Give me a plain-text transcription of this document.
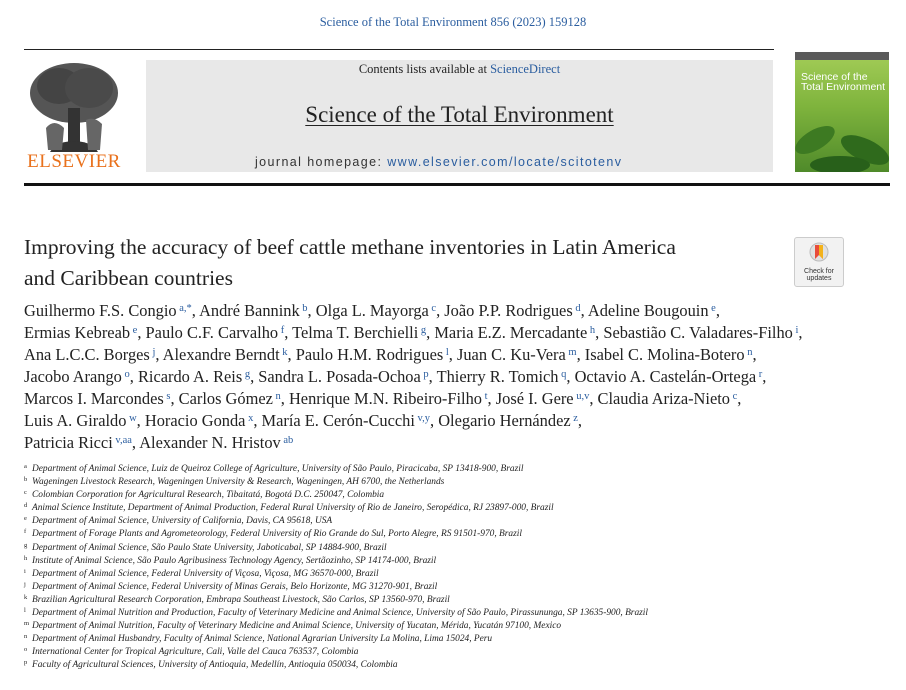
Science of the Total Environment 856 (2023) 159128
ELSEVIER
Contents lists available at ScienceDirect
Science of the Total Environment
journal homepage: www.elsevier.com/locate/scitotenv
Science of the Total Environment
Improving the accuracy of beef cattle methane inventories in Latin America
and Caribbean countries	Check for
updates
Guilhermo F.S. Congio $^{a,*}$, André Bannink $^b$, Olga L. Mayorga $^c$, João P.P. Rodrigues $^d$, Adeline Bougouin $^e$,
Ermias Kebreab $^e$, Paulo C.F. Carvalho $^f$, Telma T. Berchielli $^g$, Maria E.Z. Mercadante $^h$, Sebastião C. Valadares-Filho $^i$,
Ana L.C.C. Borges $^j$, Alexandre Berndt $^k$, Paulo H.M. Rodrigues $^l$, Juan C. Ku-Vera $^m$, Isabel C. Molina-Botero $^n$,
Jacobo Arango $^o$, Ricardo A. Reis $^g$, Sandra L. Posada-Ochoa $^p$, Thierry R. Tomich $^q$, Octavio A. Castelán-Ortega $^r$,
Marcos I. Marcondes $^s$, Carlos Gómez $^n$, Henrique M.N. Ribeiro-Filho $^t$, José I. Gere $^{u,v}$, Claudia Ariza-Nieto $^c$,
Luis A. Giraldo $^w$, Horacio Gonda $^x$, María E. Cerón-Cucchi $^{v,y}$, Olegario Hernández $^z$,
Patricia Ricci $^{v,aa}$, Alexander N. Hristov $^{ab}$
$^a$ Department of Animal Science, Luiz de Queiroz College of Agriculture, University of São Paulo, Piracicaba, SP 13418-900, Brazil
$^b$ Wageningen Livestock Research, Wageningen University & Research, Wageningen, AH 6700, the Netherlands
$^c$ Colombian Corporation for Agricultural Research, Tibaitatá, Bogotá D.C. 250047, Colombia
$^d$ Animal Science Institute, Department of Animal Production, Federal Rural University of Rio de Janeiro, Seropédica, RJ 23897-000, Brazil
$^e$ Department of Animal Science, University of California, Davis, CA 95618, USA
$^f$ Department of Forage Plants and Agrometeorology, Federal University of Rio Grande do Sul, Porto Alegre, RS 91501-970, Brazil
$^g$ Department of Animal Science, São Paulo State University, Jaboticabal, SP 14884-900, Brazil
$^h$ Institute of Animal Science, São Paulo Agribusiness Technology Agency, Sertãozinho, SP 14174-000, Brazil
$^i$ Department of Animal Science, Federal University of Viçosa, Viçosa, MG 36570-000, Brazil
$^j$ Department of Animal Science, Federal University of Minas Gerais, Belo Horizonte, MG 31270-901, Brazil
$^k$ Brazilian Agricultural Research Corporation, Embrapa Southeast Livestock, São Carlos, SP 13560-970, Brazil
$^l$ Department of Animal Nutrition and Production, Faculty of Veterinary Medicine and Animal Science, University of São Paulo, Pirassununga, SP 13635-900, Brazil
$^m$ Department of Animal Nutrition, Faculty of Veterinary Medicine and Animal Science, University of Yucatan, Mérida, Yucatán 97100, Mexico
$^n$ Department of Animal Husbandry, Faculty of Animal Science, National Agrarian University La Molina, Lima 15024, Peru
$^o$ International Center for Tropical Agriculture, Cali, Valle del Cauca 763537, Colombia
$^p$ Faculty of Agricultural Sciences, University of Antioquia, Medellín, Antioquia 050034, Colombia
